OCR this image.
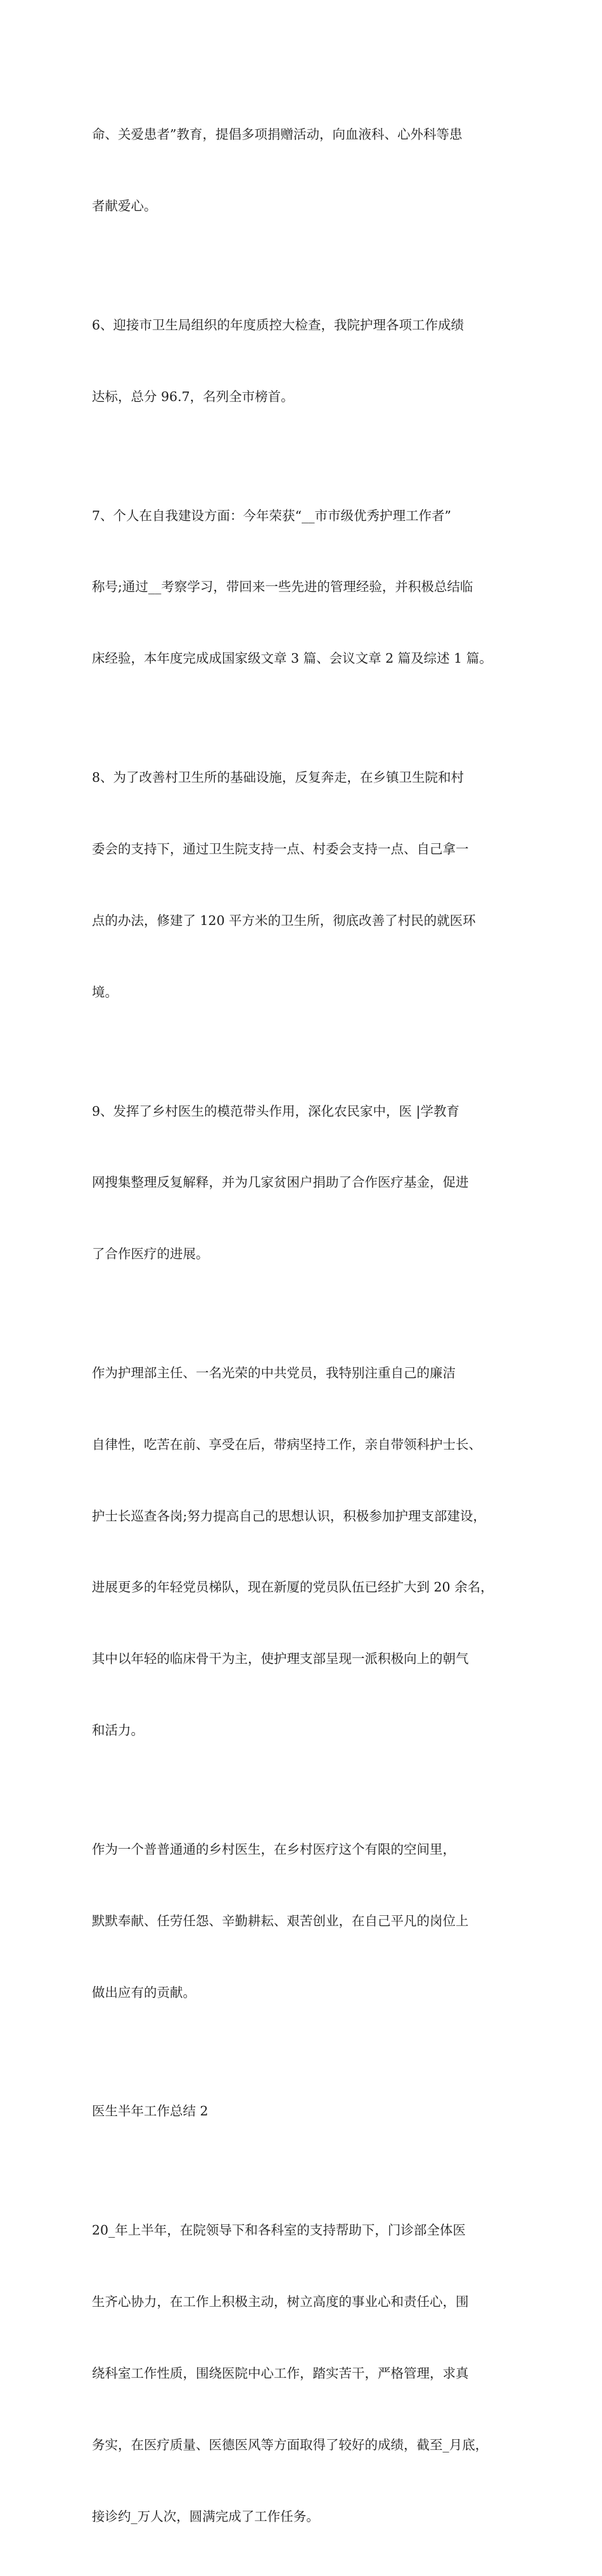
命、关爱患者”教育，提倡多项捐赠活动，向血液科、心外科等患

者献爱心。

6、迎接市卫生局组织的年度质控大检查，我院护理各项工作成绩

达标，总分 96.7，名列全市榜首。

7、个人在自我建设方面：今年荣获“__市市级优秀护理工作者”

称号;通过__考察学习，带回来一些先进的管理经验，并积极总结临

床经验，本年度完成成国家级文章 3 篇、会议文章 2 篇及综述 1 篇。

8、为了改善村卫生所的基础设施，反复奔走，在乡镇卫生院和村

委会的支持下，通过卫生院支持一点、村委会支持一点、自己拿一

点的办法，修建了 120 平方米的卫生所，彻底改善了村民的就医环

境。

9、发挥了乡村医生的模范带头作用，深化农民家中，医 |学教育

网搜集整理反复解释，并为几家贫困户捐助了合作医疗基金，促进

了合作医疗的进展。

作为护理部主任、一名光荣的中共党员，我特别注重自己的廉洁

自律性，吃苦在前、享受在后，带病坚持工作，亲自带领科护士长、

护士长巡查各岗;努力提高自己的思想认识，积极参加护理支部建设，

进展更多的年轻党员梯队，现在新厦的党员队伍已经扩大到 20 余名，

其中以年轻的临床骨干为主，使护理支部呈现一派积极向上的朝气

和活力。

作为一个普普通通的乡村医生，在乡村医疗这个有限的空间里，

默默奉献、任劳任怨、辛勤耕耘、艰苦创业，在自己平凡的岗位上

做出应有的贡献。

医生半年工作总结 2

20_年上半年，在院领导下和各科室的支持帮助下，门诊部全体医

生齐心协力，在工作上积极主动，树立高度的事业心和责任心，围

绕科室工作性质，围绕医院中心工作，踏实苦干，严格管理，求真

务实，在医疗质量、医德医风等方面取得了较好的成绩，截至_月底，

接诊约_万人次，圆满完成了工作任务。
